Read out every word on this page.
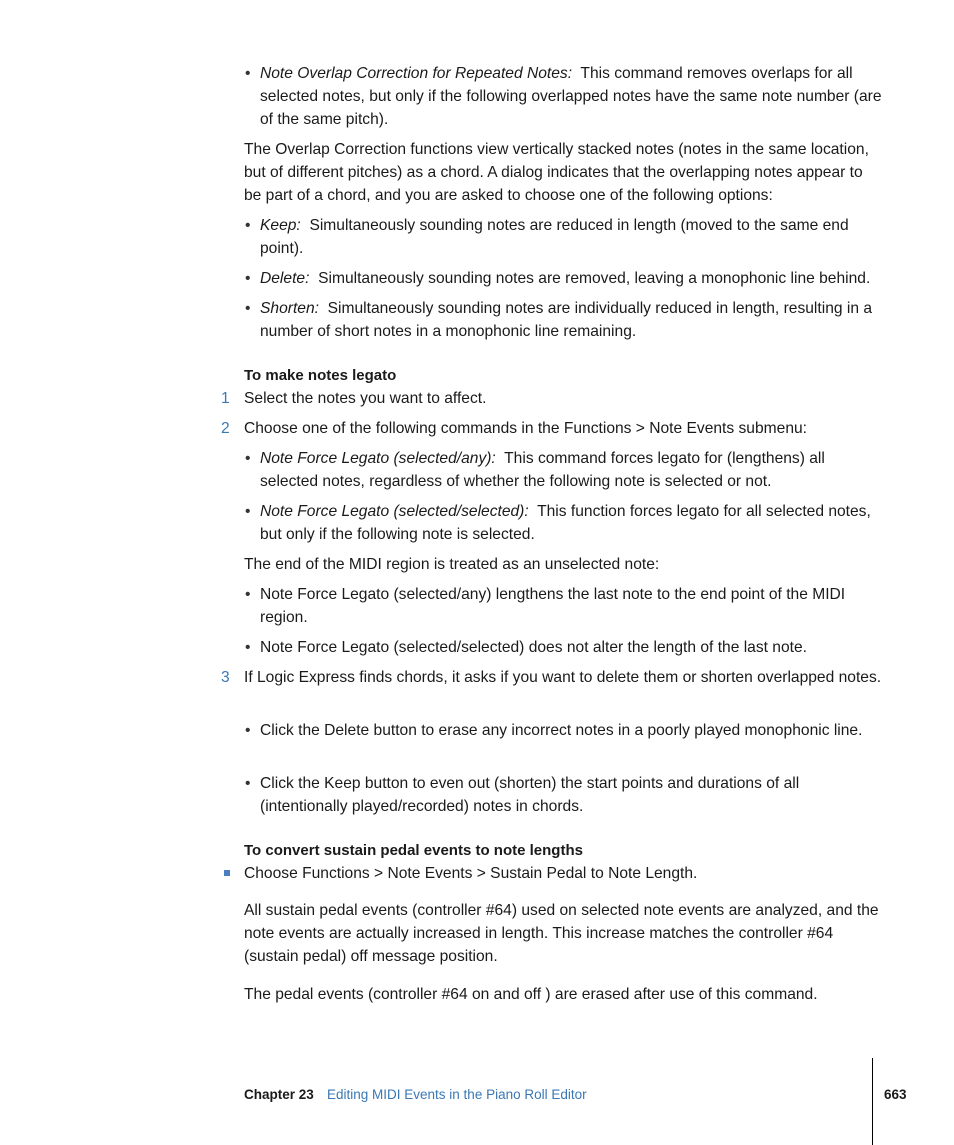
• Note Overlap Correction for Repeated Notes: This command removes overlaps for all selected notes, but only if the following overlapped notes have the same note number (are of the same pitch).
The Overlap Correction functions view vertically stacked notes (notes in the same location, but of different pitches) as a chord. A dialog indicates that the overlapping notes appear to be part of a chord, and you are asked to choose one of the following options:
• Keep: Simultaneously sounding notes are reduced in length (moved to the same end point).
• Delete: Simultaneously sounding notes are removed, leaving a monophonic line behind.
• Shorten: Simultaneously sounding notes are individually reduced in length, resulting in a number of short notes in a monophonic line remaining.
To make notes legato
1 Select the notes you want to affect.
2 Choose one of the following commands in the Functions > Note Events submenu:
• Note Force Legato (selected/any): This command forces legato for (lengthens) all selected notes, regardless of whether the following note is selected or not.
• Note Force Legato (selected/selected): This function forces legato for all selected notes, but only if the following note is selected.
The end of the MIDI region is treated as an unselected note:
• Note Force Legato (selected/any) lengthens the last note to the end point of the MIDI region.
• Note Force Legato (selected/selected) does not alter the length of the last note.
3 If Logic Express finds chords, it asks if you want to delete them or shorten overlapped notes.
• Click the Delete button to erase any incorrect notes in a poorly played monophonic line.
• Click the Keep button to even out (shorten) the start points and durations of all (intentionally played/recorded) notes in chords.
To convert sustain pedal events to note lengths
Choose Functions > Note Events > Sustain Pedal to Note Length.
All sustain pedal events (controller #64) used on selected note events are analyzed, and the note events are actually increased in length. This increase matches the controller #64 (sustain pedal) off message position.
The pedal events (controller #64 on and off ) are erased after use of this command.
Chapter 23 Editing MIDI Events in the Piano Roll Editor	663
